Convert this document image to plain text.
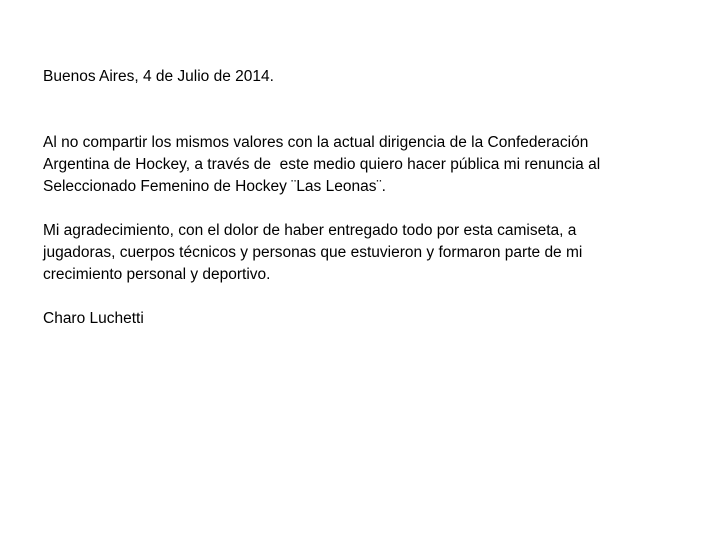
Buenos Aires, 4 de Julio de 2014.
Al no compartir los mismos valores con la actual dirigencia de la Confederación
Argentina de Hockey, a través de  este medio quiero hacer pública mi renuncia al
Seleccionado Femenino de Hockey ¨Las Leonas¨.
Mi agradecimiento, con el dolor de haber entregado todo por esta camiseta, a
jugadoras, cuerpos técnicos y personas que estuvieron y formaron parte de mi
crecimiento personal y deportivo.
Charo Luchetti
